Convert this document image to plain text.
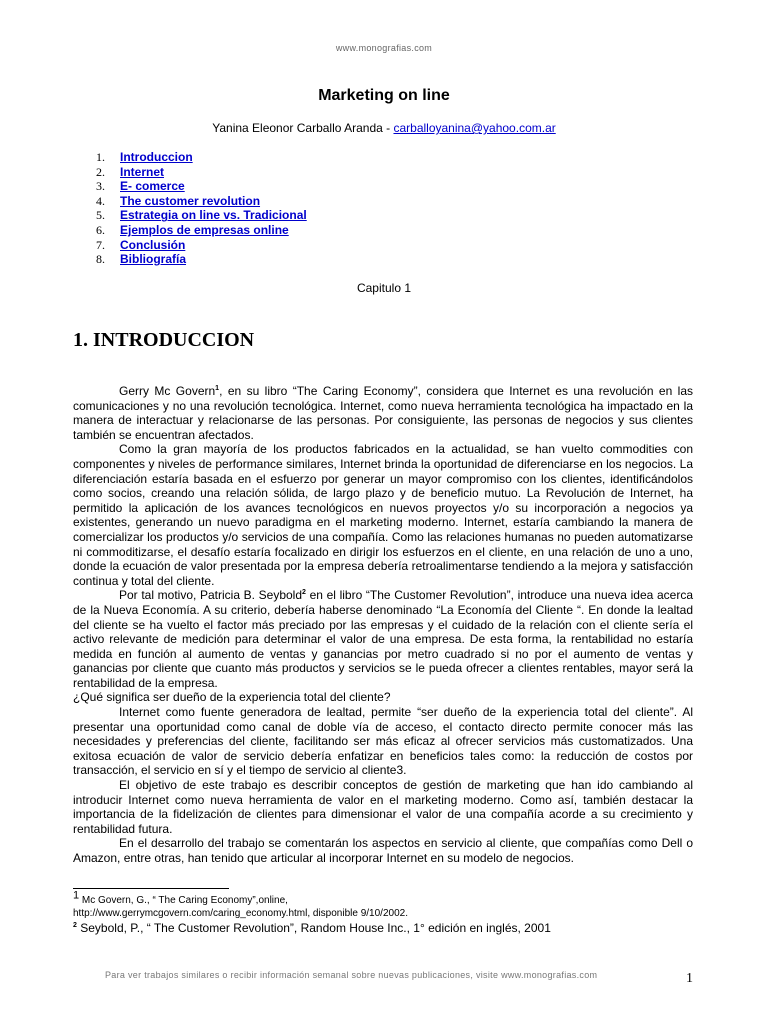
www.monografias.com
Marketing on line
Yanina Eleonor Carballo Aranda - carballoyanina@yahoo.com.ar
1. Introduccion
2. Internet
3. E- comerce
4. The customer revolution
5. Estrategia on line vs. Tradicional
6. Ejemplos de empresas online
7. Conclusión
8. Bibliografía
Capitulo 1
1. INTRODUCCION

Gerry Mc Govern$^1$, en su libro “The Caring Economy”, considera que Internet es una revolución en las comunicaciones y no una revolución tecnológica. Internet, como nueva herramienta tecnológica ha impactado en la manera de interactuar y relacionarse de las personas. Por consiguiente, las personas de negocios y sus clientes también se encuentran afectados.

Como la gran mayoría de los productos fabricados en la actualidad, se han vuelto commodities con componentes y niveles de performance similares, Internet brinda la oportunidad de diferenciarse en los negocios. La diferenciación estaría basada en el esfuerzo por generar un mayor compromiso con los clientes, identificándolos como socios, creando una relación sólida, de largo plazo y de beneficio mutuo. La Revolución de Internet, ha permitido la aplicación de los avances tecnológicos en nuevos proyectos y/o su incorporación a negocios ya existentes, generando un nuevo paradigma en el marketing moderno. Internet, estaría cambiando la manera de comercializar los productos y/o servicios de una compañía. Como las relaciones humanas no pueden automatizarse ni commoditizarse, el desafío estaría focalizado en dirigir los esfuerzos en el cliente, en una relación de uno a uno, donde la ecuación de valor presentada por la empresa debería retroalimentarse tendiendo a la mejora y satisfacción continua y total del cliente.

Por tal motivo, Patricia B. Seybold$^2$ en el libro “The Customer Revolution”, introduce una nueva idea acerca de la Nueva Economía. A su criterio, debería haberse denominado “La Economía del Cliente “. En donde la lealtad del cliente se ha vuelto el factor más preciado por las empresas y el cuidado de la relación con el cliente sería el activo relevante de medición para determinar el valor de una empresa. De esta forma, la rentabilidad no estaría medida en función al aumento de ventas y ganancias por metro cuadrado si no por el aumento de ventas y ganancias por cliente que cuanto más productos y servicios se le pueda ofrecer a clientes rentables, mayor será la rentabilidad de la empresa.

¿Qué significa ser dueño de la experiencia total del cliente?

Internet como fuente generadora de lealtad, permite “ser dueño de la experiencia total del cliente”. Al presentar una oportunidad como canal de doble vía de acceso, el contacto directo permite conocer más las necesidades y preferencias del cliente, facilitando ser más eficaz al ofrecer servicios más customatizados. Una exitosa ecuación de valor de servicio debería enfatizar en beneficios tales como: la reducción de costos por transacción, el servicio en sí y el tiempo de servicio al cliente3.

El objetivo de este trabajo es describir conceptos de gestión de marketing que han ido cambiando al introducir Internet como nueva herramienta de valor en el marketing moderno. Como así, también destacar la importancia de la fidelización de clientes para dimensionar el valor de una compañía acorde a su crecimiento y rentabilidad futura.

En el desarrollo del trabajo se comentarán los aspectos en servicio al cliente, que compañías como Dell o Amazon, entre otras, han tenido que articular al incorporar Internet en su modelo de negocios.

$^1$ Mc Govern, G., “ The Caring Economy”,online,
http://www.gerrymcgovern.com/caring_economy.html, disponible 9/10/2002.
$^2$ Seybold, P., “ The Customer Revolution”, Random House Inc., 1° edición en inglés, 2001
Para ver trabajos similares o recibir información semanal sobre nuevas publicaciones, visite www.monografias.com	1
